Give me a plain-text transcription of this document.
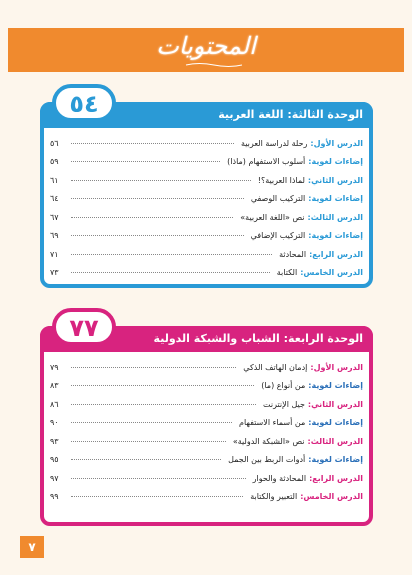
المحتويات
الوحدة الثالثة: اللغة العربية
٥٤
الدرس الأول:
رحلة لدراسة العربية
٥٦
إضاءات لغوية:
أسلوب الاستفهام (ماذا)
٥٩
الدرس الثاني:
لماذا العربية؟!
٦١
إضاءات لغوية:
التركيب الوصفي
٦٤
الدرس الثالث:
نص «اللغة العربية»
٦٧
إضاءات لغوية:
التركيب الإضافي
٦٩
الدرس الرابع:
المحادثة
٧١
الدرس الخامس:
الكتابة
٧٣
الوحدة الرابعة: الشباب والشبكة الدولية
٧٧
الدرس الأول:
إدمان الهاتف الذكي
٧٩
إضاءات لغوية:
من أنواع (ما)
٨٣
الدرس الثاني:
جيل الإنترنت
٨٦
إضاءات لغوية:
من أسماء الاستفهام
٩٠
الدرس الثالث:
نص «الشبكة الدولية»
٩٣
إضاءات لغوية:
أدوات الربط بين الجمل
٩٥
الدرس الرابع:
المحادثة والحوار
٩٧
الدرس الخامس:
التعبير والكتابة
٩٩
٧
